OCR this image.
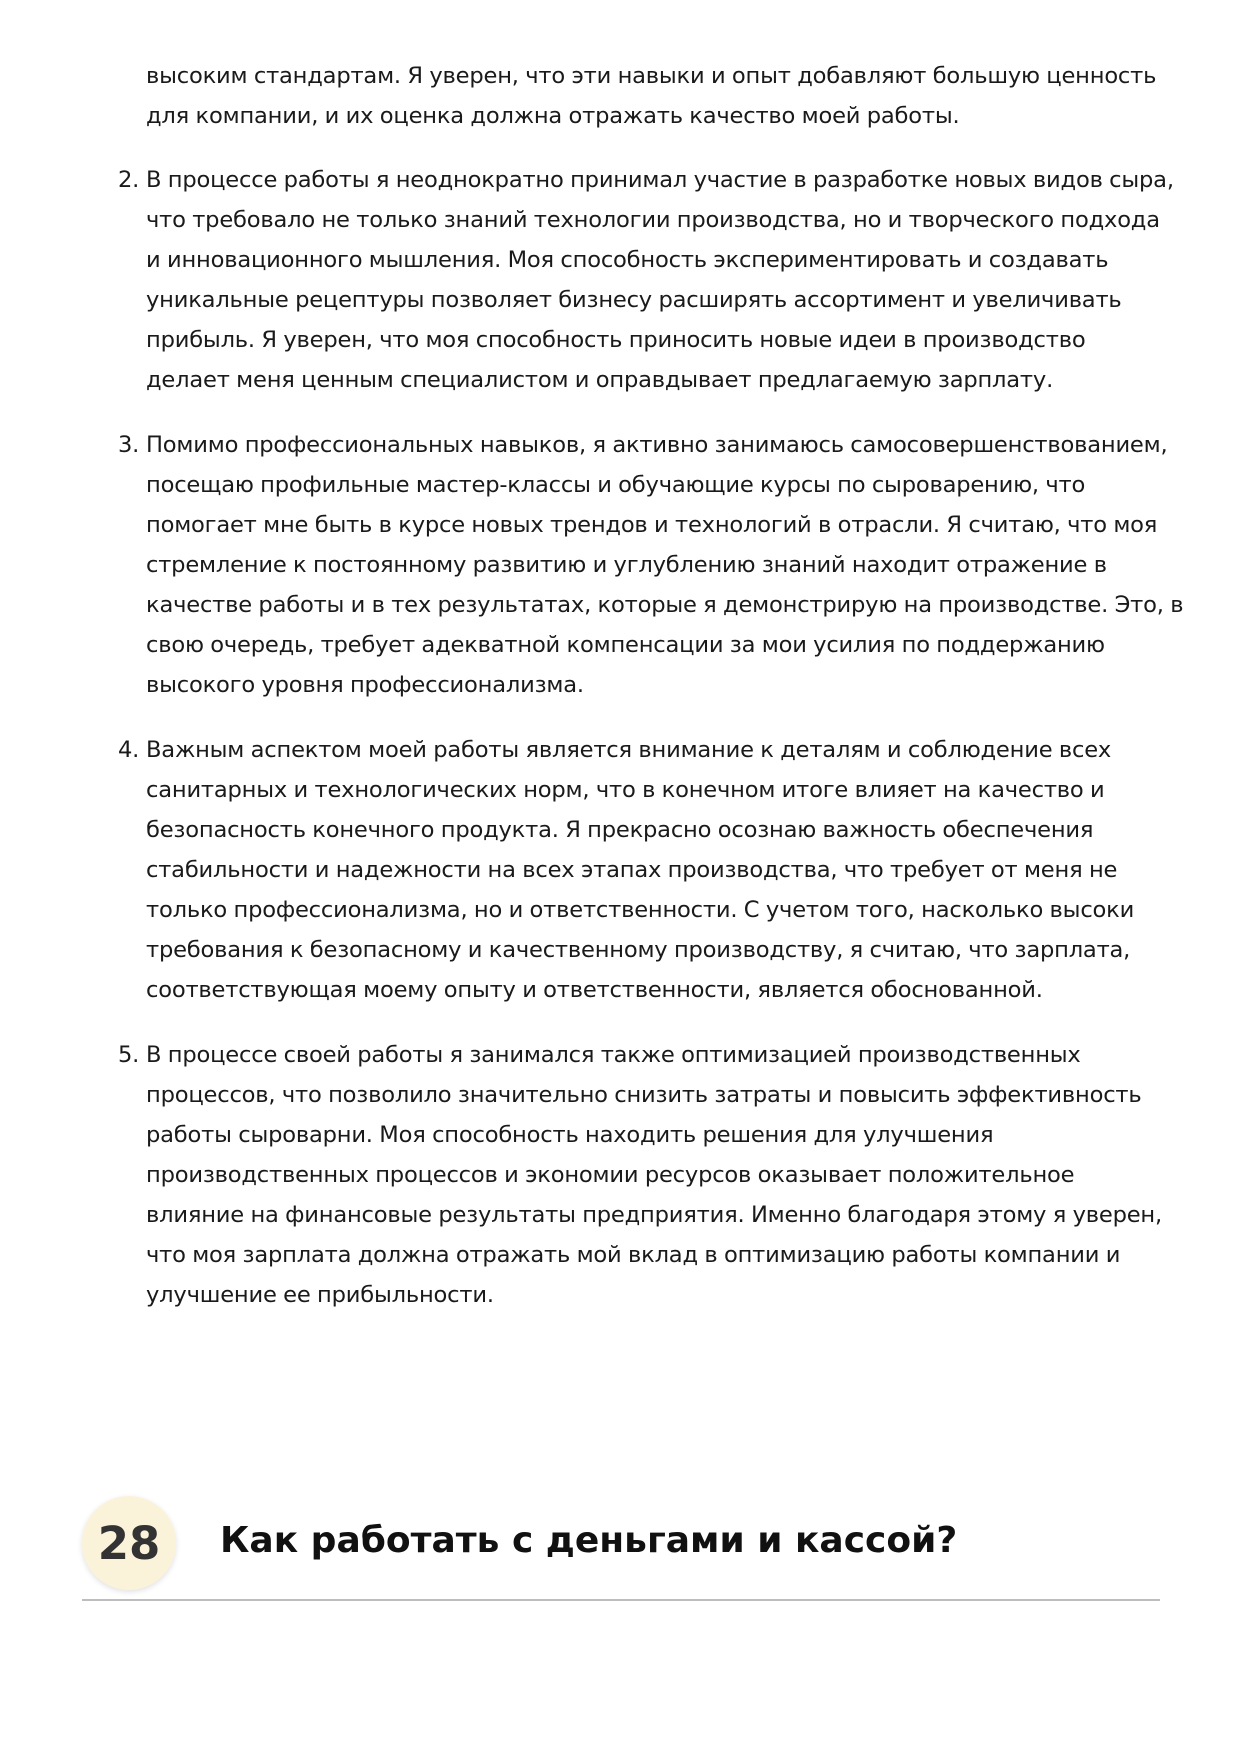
высоким стандартам. Я уверен, что эти навыки и опыт добавляют большую ценность
для компании, и их оценка должна отражать качество моей работы.
2. В процессе работы я неоднократно принимал участие в разработке новых видов сыра,
что требовало не только знаний технологии производства, но и творческого подхода
и инновационного мышления. Моя способность экспериментировать и создавать
уникальные рецептуры позволяет бизнесу расширять ассортимент и увеличивать
прибыль. Я уверен, что моя способность приносить новые идеи в производство
делает меня ценным специалистом и оправдывает предлагаемую зарплату.
3. Помимо профессиональных навыков, я активно занимаюсь самосовершенствованием,
посещаю профильные мастер-классы и обучающие курсы по сыроварению, что
помогает мне быть в курсе новых трендов и технологий в отрасли. Я считаю, что моя
стремление к постоянному развитию и углублению знаний находит отражение в
качестве работы и в тех результатах, которые я демонстрирую на производстве. Это, в
свою очередь, требует адекватной компенсации за мои усилия по поддержанию
высокого уровня профессионализма.
4. Важным аспектом моей работы является внимание к деталям и соблюдение всех
санитарных и технологических норм, что в конечном итоге влияет на качество и
безопасность конечного продукта. Я прекрасно осознаю важность обеспечения
стабильности и надежности на всех этапах производства, что требует от меня не
только профессионализма, но и ответственности. С учетом того, насколько высоки
требования к безопасному и качественному производству, я считаю, что зарплата,
соответствующая моему опыту и ответственности, является обоснованной.
5. В процессе своей работы я занимался также оптимизацией производственных
процессов, что позволило значительно снизить затраты и повысить эффективность
работы сыроварни. Моя способность находить решения для улучшения
производственных процессов и экономии ресурсов оказывает положительное
влияние на финансовые результаты предприятия. Именно благодаря этому я уверен,
что моя зарплата должна отражать мой вклад в оптимизацию работы компании и
улучшение ее прибыльности.
28	Как работать с деньгами и кассой?
